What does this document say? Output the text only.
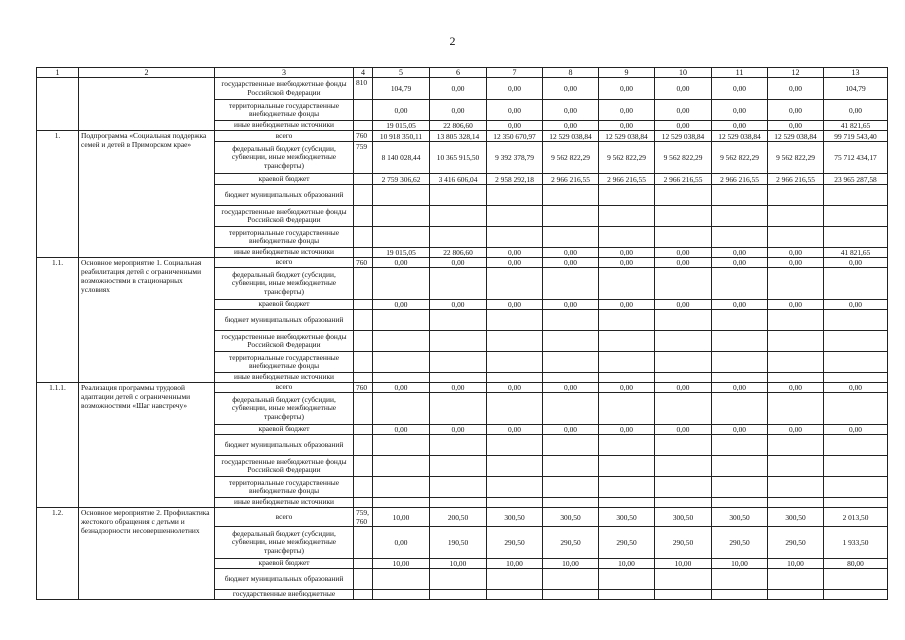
2
1	2	3	4	5	6	7	8	9	10	11	12	13
		государственные внебюджетные фонды Российской Федерации	810	104,79	0,00	0,00	0,00	0,00	0,00	0,00	0,00	104,79
		территориальные государственные внебюджетные фонды		0,00	0,00	0,00	0,00	0,00	0,00	0,00	0,00	0,00
		иные внебюджетные источники		19 015,05	22 806,60	0,00	0,00	0,00	0,00	0,00	0,00	41 821,65
1.	Подпрограмма «Социальная поддержка семей и детей в Приморском крае»	всего	760	10 918 350,11	13 805 328,14	12 350 670,97	12 529 038,84	12 529 038,84	12 529 038,84	12 529 038,84	12 529 038,84	99 719 543,40
		федеральный бюджет (субсидии, субвенции, иные межбюджетные трансферты)	759	8 140 028,44	10 365 915,50	9 392 378,79	9 562 822,29	9 562 822,29	9 562 822,29	9 562 822,29	9 562 822,29	75 712 434,17
		краевой бюджет		2 759 306,62	3 416 606,04	2 958 292,18	2 966 216,55	2 966 216,55	2 966 216,55	2 966 216,55	2 966 216,55	23 965 287,58
		бюджет муниципальных образований										
		государственные внебюджетные фонды Российской Федерации										
		территориальные государственные внебюджетные фонды										
		иные внебюджетные источники		19 015,05	22 806,60	0,00	0,00	0,00	0,00	0,00	0,00	41 821,65
1.1.	Основное мероприятие 1. Социальная реабилитация детей с ограниченными возможностями в стационарных условиях	всего	760	0,00	0,00	0,00	0,00	0,00	0,00	0,00	0,00	0,00
		федеральный бюджет (субсидии, субвенции, иные межбюджетные трансферты)										
		краевой бюджет		0,00	0,00	0,00	0,00	0,00	0,00	0,00	0,00	0,00
		бюджет муниципальных образований										
		государственные внебюджетные фонды Российской Федерации										
		территориальные государственные внебюджетные фонды										
		иные внебюджетные источники										
1.1.1.	Реализация программы трудовой адаптации детей с ограниченными возможностями «Шаг навстречу»	всего	760	0,00	0,00	0,00	0,00	0,00	0,00	0,00	0,00	0,00
		федеральный бюджет (субсидии, субвенции, иные межбюджетные трансферты)										
		краевой бюджет		0,00	0,00	0,00	0,00	0,00	0,00	0,00	0,00	0,00
		бюджет муниципальных образований										
		государственные внебюджетные фонды Российской Федерации										
		территориальные государственные внебюджетные фонды										
		иные внебюджетные источники										
1.2.	Основное мероприятие 2. Профилактика жестокого обращения с детьми и безнадзорности несовершеннолетних	всего	759, 760	10,00	200,50	300,50	300,50	300,50	300,50	300,50	300,50	2 013,50
		федеральный бюджет (субсидии, субвенции, иные межбюджетные трансферты)		0,00	190,50	290,50	290,50	290,50	290,50	290,50	290,50	1 933,50
		краевой бюджет		10,00	10,00	10,00	10,00	10,00	10,00	10,00	10,00	80,00
		бюджет муниципальных образований										
		государственные внебюджетные										
